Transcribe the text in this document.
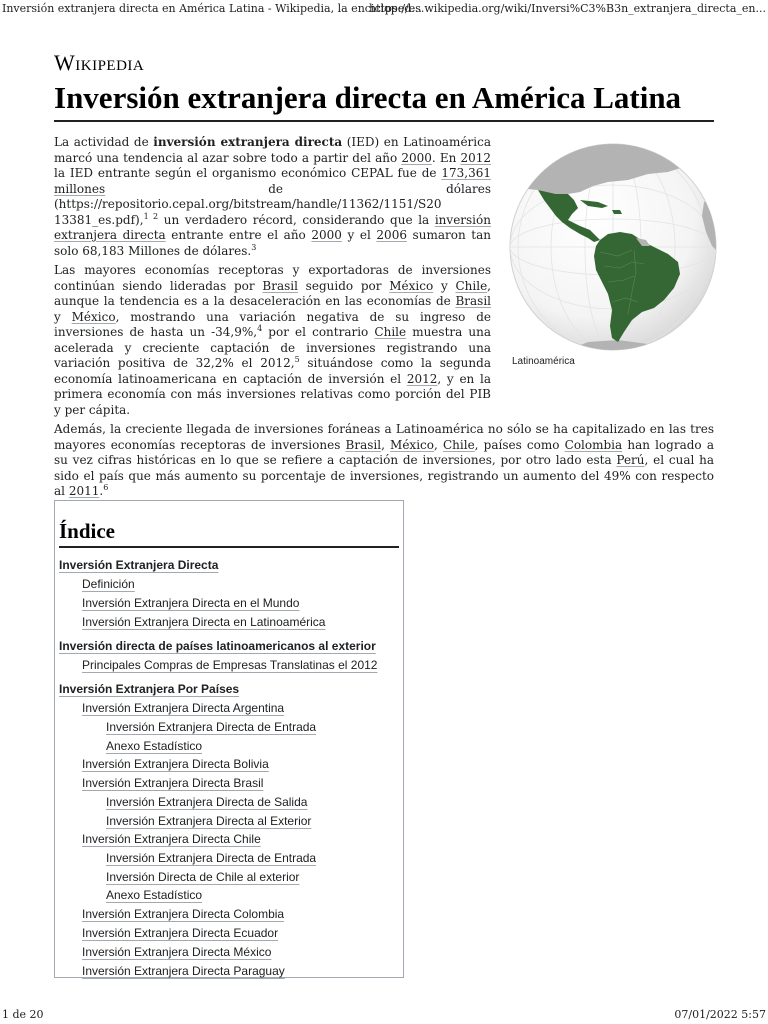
Inversión extranjera directa en América Latina - Wikipedia, la encicloped...
https://es.wikipedia.org/wiki/Inversi%C3%B3n_extranjera_directa_en...
Wikipedia
Inversión extranjera directa en América Latina
La actividad de inversión extranjera directa (IED) en Latinoamérica marcó una tendencia al azar sobre todo a partir del año 2000. En 2012 la IED entrante según el organismo económico CEPAL fue de 173,361 millones de dólares (https://repositorio.cepal.org/bitstream/handle/11362/1151/S20 13381_es.pdf),$^{1 2}$ un verdadero récord, considerando que la inversión extranjera directa entrante entre el año 2000 y el 2006 sumaron tan solo 68,183 Millones de dólares.$^3$
Las mayores economías receptoras y exportadoras de inversiones continúan siendo lideradas por Brasil seguido por México y Chile, aunque la tendencia es a la desaceleración en las economías de Brasil y México, mostrando una variación negativa de su ingreso de inversiones de hasta un -34,9%,$^4$ por el contrario Chile muestra una acelerada y creciente captación de inversiones registrando una variación positiva de 32,2% el 2012,$^5$ situándose como la segunda economía latinoamericana en captación de inversión el 2012, y en la primera economía con más inversiones relativas como porción del PIB y per cápita.
Además, la creciente llegada de inversiones foráneas a Latinoamérica no sólo se ha capitalizado en las tres mayores economías receptoras de inversiones Brasil, México, Chile, países como Colombia han logrado a su vez cifras históricas en lo que se refiere a captación de inversiones, por otro lado esta Perú, el cual ha sido el país que más aumento su porcentaje de inversiones, registrando un aumento del 49% con respecto al 2011.$^6$
Latinoamérica
Índice
Inversión Extranjera Directa
Definición
Inversión Extranjera Directa en el Mundo
Inversión Extranjera Directa en Latinoamérica
Inversión directa de países latinoamericanos al exterior
Principales Compras de Empresas Translatinas el 2012
Inversión Extranjera Por Países
Inversión Extranjera Directa Argentina
Inversión Extranjera Directa de Entrada
Anexo Estadístico
Inversión Extranjera Directa Bolivia
Inversión Extranjera Directa Brasil
Inversión Extranjera Directa de Salida
Inversión Extranjera Directa al Exterior
Inversión Extranjera Directa Chile
Inversión Extranjera Directa de Entrada
Inversión Directa de Chile al exterior
Anexo Estadístico
Inversión Extranjera Directa Colombia
Inversión Extranjera Directa Ecuador
Inversión Extranjera Directa México
Inversión Extranjera Directa Paraguay
1 de 20	07/01/2022 5:57
